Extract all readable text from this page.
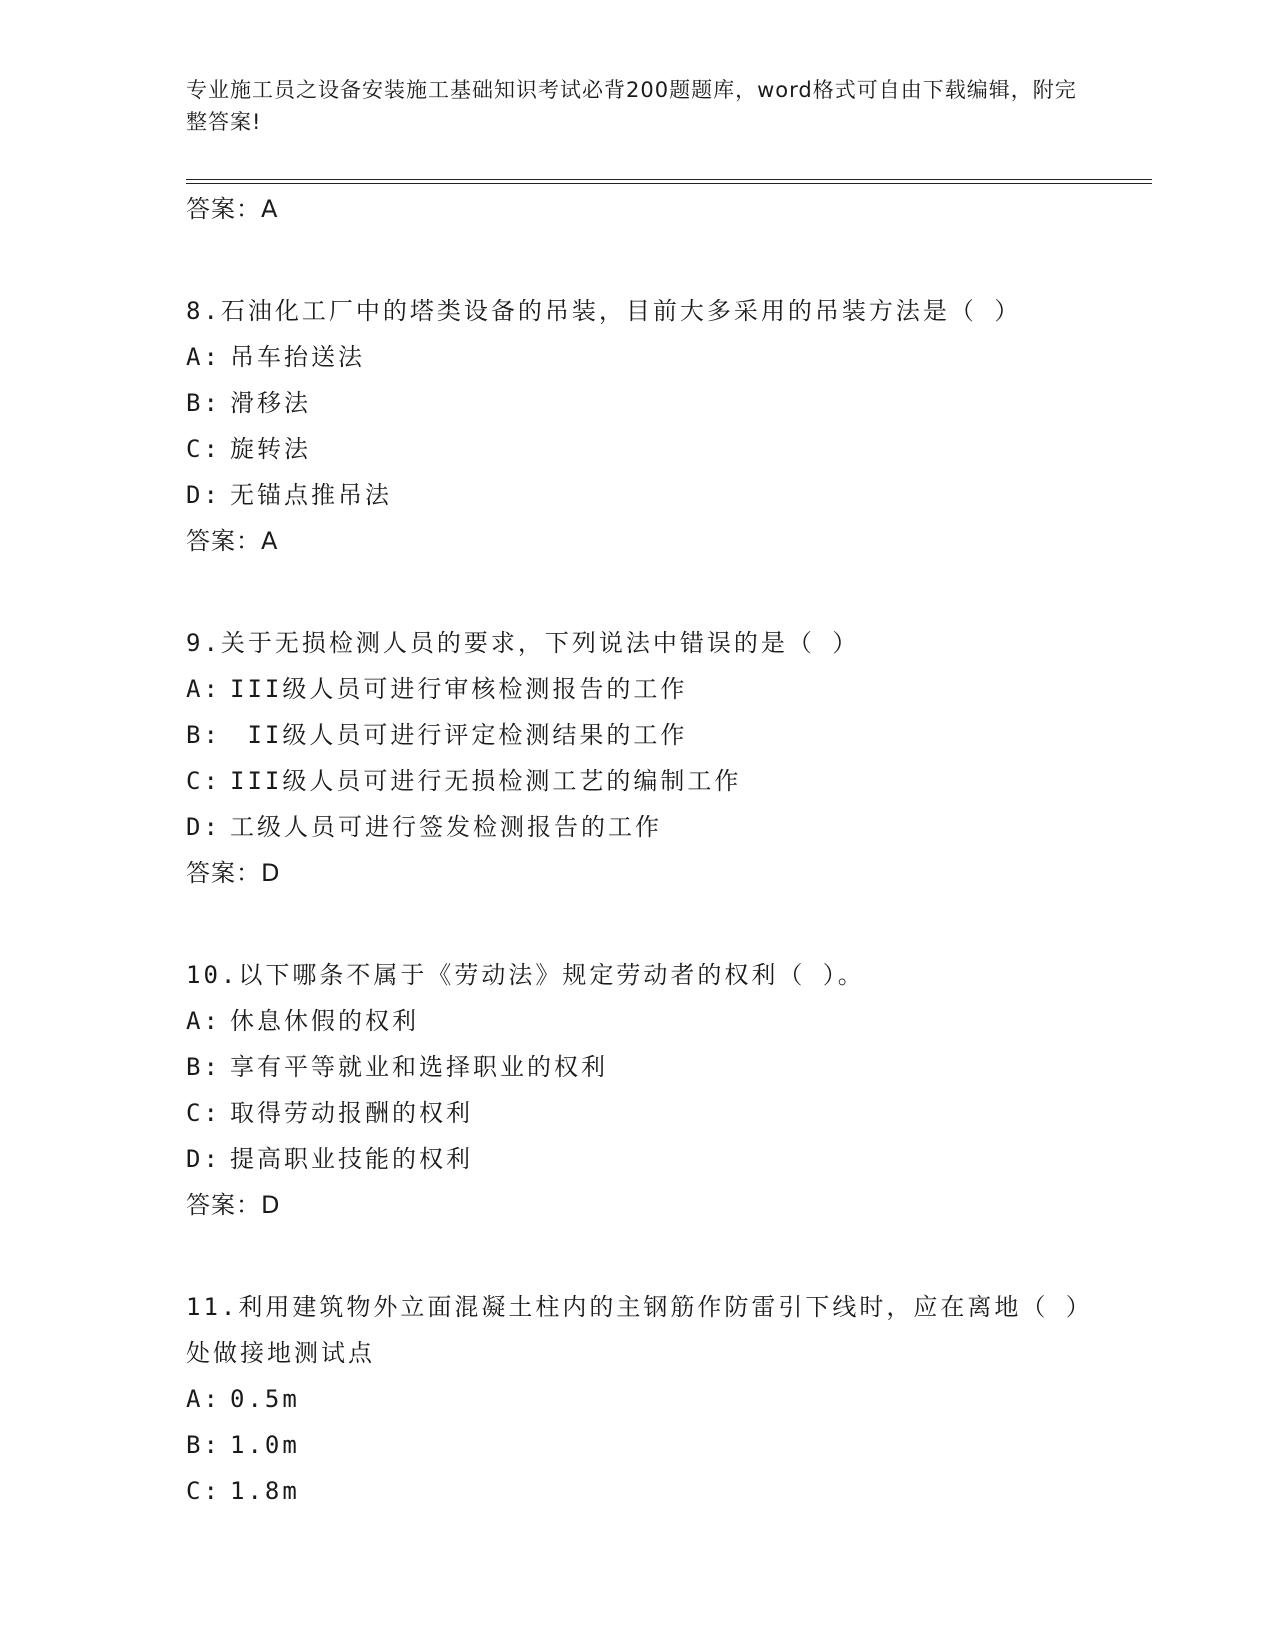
专业施工员之设备安装施工基础知识考试必背200题题库，word格式可自由下载编辑，附完整答案!
答案：A
8.石油化工厂中的塔类设备的吊装，目前大多采用的吊装方法是（ ）
A: 吊车抬送法
B: 滑移法
C: 旋转法
D: 无锚点推吊法
答案：A
9.关于无损检测人员的要求，下列说法中错误的是（ ）
A: III级人员可进行审核检测报告的工作
B: II级人员可进行评定检测结果的工作
C: III级人员可进行无损检测工艺的编制工作
D: 工级人员可进行签发检测报告的工作
答案：D
10.以下哪条不属于《劳动法》规定劳动者的权利（ ）。
A: 休息休假的权利
B: 享有平等就业和选择职业的权利
C: 取得劳动报酬的权利
D: 提高职业技能的权利
答案：D
11.利用建筑物外立面混凝土柱内的主钢筋作防雷引下线时，应在离地（ ）处做接地测试点
A: 0.5m
B: 1.0m
C: 1.8m
